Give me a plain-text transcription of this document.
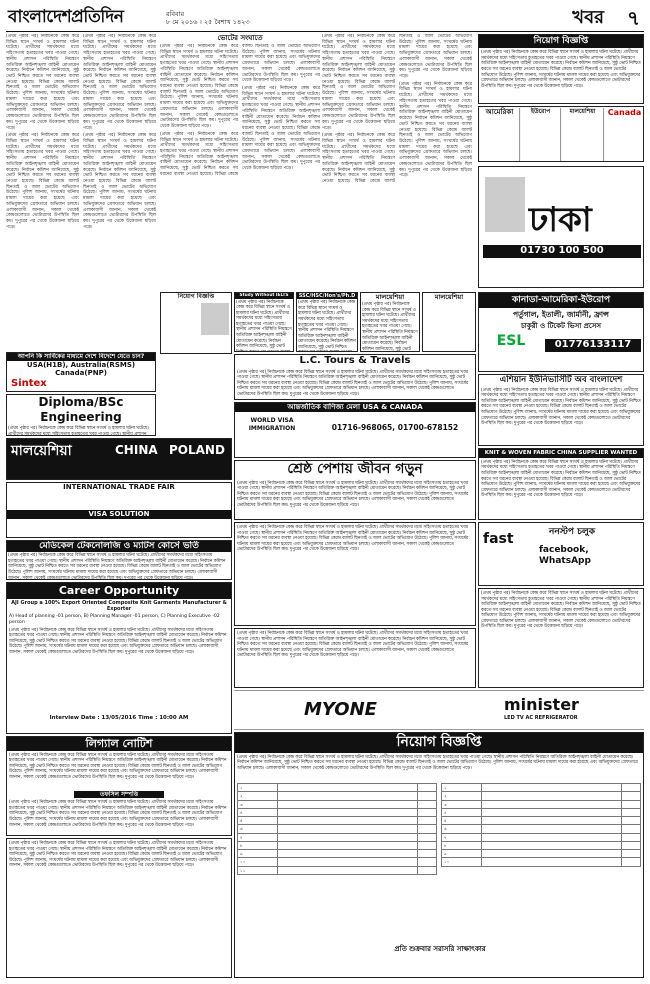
বাংলাদেশপ্রতিদিন	রবিবার
৮ মে ২০১৬ । ২৫ বৈশাখ ১৪২৩	খবর ৭

(প্রথম পৃষ্ঠার পর) নির্বাচনকে কেন্দ্র করে বিভিন্ন স্থানে সংঘর্ষ ও হামলার ঘটনা ঘটেছে। প্রার্থীদের সমর্থকদের মধ্যে সহিংসতায় হতাহতের খবর পাওয়া গেছে। স্থানীয় প্রশাসন পরিস্থিতি নিয়ন্ত্রণে অতিরিক্ত আইনশৃঙ্খলা বাহিনী মোতায়েন করেছে। নির্বাচন কমিশন জানিয়েছে, সুষ্ঠু ভোট নিশ্চিত করতে সব ধরনের ব্যবস্থা নেওয়া হয়েছে। বিভিন্ন কেন্দ্রে ব্যালট ছিনতাই ও জাল ভোটের অভিযোগ উঠেছে। পুলিশ জানায়, সংঘর্ষের ঘটনায় মামলা দায়ের করা হয়েছে এবং অভিযুক্তদের গ্রেফতারে অভিযান চলছে। এলাকাবাসী জানান, সকাল থেকেই কেন্দ্রগুলোতে ভোটারদের উপস্থিতি ছিল কম। দুপুরের পর থেকে উত্তেজনা ছড়িয়ে পড়ে।

(প্রথম পৃষ্ঠার পর) নির্বাচনকে কেন্দ্র করে বিভিন্ন স্থানে সংঘর্ষ ও হামলার ঘটনা ঘটেছে। প্রার্থীদের সমর্থকদের মধ্যে সহিংসতায় হতাহতের খবর পাওয়া গেছে। স্থানীয় প্রশাসন পরিস্থিতি নিয়ন্ত্রণে অতিরিক্ত আইনশৃঙ্খলা বাহিনী মোতায়েন করেছে। নির্বাচন কমিশন জানিয়েছে, সুষ্ঠু ভোট নিশ্চিত করতে সব ধরনের ব্যবস্থা নেওয়া হয়েছে। বিভিন্ন কেন্দ্রে ব্যালট ছিনতাই ও জাল ভোটের অভিযোগ উঠেছে। পুলিশ জানায়, সংঘর্ষের ঘটনায় মামলা দায়ের করা হয়েছে এবং অভিযুক্তদের গ্রেফতারে অভিযান চলছে। এলাকাবাসী জানান, সকাল থেকেই কেন্দ্রগুলোতে ভোটারদের উপস্থিতি ছিল কম। দুপুরের পর থেকে উত্তেজনা ছড়িয়ে পড়ে।

(প্রথম পৃষ্ঠার পর) নির্বাচনকে কেন্দ্র করে বিভিন্ন স্থানে সংঘর্ষ ও হামলার ঘটনা ঘটেছে। প্রার্থীদের সমর্থকদের মধ্যে সহিংসতায় হতাহতের খবর পাওয়া গেছে। স্থানীয় প্রশাসন পরিস্থিতি নিয়ন্ত্রণে অতিরিক্ত আইনশৃঙ্খলা বাহিনী মোতায়েন করেছে। নির্বাচন কমিশন জানিয়েছে, সুষ্ঠু ভোট নিশ্চিত করতে সব ধরনের ব্যবস্থা নেওয়া হয়েছে। বিভিন্ন কেন্দ্রে ব্যালট ছিনতাই ও জাল ভোটের অভিযোগ উঠেছে। পুলিশ জানায়, সংঘর্ষের ঘটনায় মামলা দায়ের করা হয়েছে এবং অভিযুক্তদের গ্রেফতারে অভিযান চলছে। এলাকাবাসী জানান, সকাল থেকেই কেন্দ্রগুলোতে ভোটারদের উপস্থিতি ছিল কম। দুপুরের পর থেকে উত্তেজনা ছড়িয়ে পড়ে।

(প্রথম পৃষ্ঠার পর) নির্বাচনকে কেন্দ্র করে বিভিন্ন স্থানে সংঘর্ষ ও হামলার ঘটনা ঘটেছে। প্রার্থীদের সমর্থকদের মধ্যে সহিংসতায় হতাহতের খবর পাওয়া গেছে। স্থানীয় প্রশাসন পরিস্থিতি নিয়ন্ত্রণে অতিরিক্ত আইনশৃঙ্খলা বাহিনী মোতায়েন করেছে। নির্বাচন কমিশন জানিয়েছে, সুষ্ঠু ভোট নিশ্চিত করতে সব ধরনের ব্যবস্থা নেওয়া হয়েছে। বিভিন্ন কেন্দ্রে ব্যালট ছিনতাই ও জাল ভোটের অভিযোগ উঠেছে। পুলিশ জানায়, সংঘর্ষের ঘটনায় মামলা দায়ের করা হয়েছে এবং অভিযুক্তদের গ্রেফতারে অভিযান চলছে। এলাকাবাসী জানান, সকাল থেকেই কেন্দ্রগুলোতে ভোটারদের উপস্থিতি ছিল কম। দুপুরের পর থেকে উত্তেজনা ছড়িয়ে পড়ে।

ভোটের সংঘাতে

(প্রথম পৃষ্ঠার পর) নির্বাচনকে কেন্দ্র করে বিভিন্ন স্থানে সংঘর্ষ ও হামলার ঘটনা ঘটেছে। প্রার্থীদের সমর্থকদের মধ্যে সহিংসতায় হতাহতের খবর পাওয়া গেছে। স্থানীয় প্রশাসন পরিস্থিতি নিয়ন্ত্রণে অতিরিক্ত আইনশৃঙ্খলা বাহিনী মোতায়েন করেছে। নির্বাচন কমিশন জানিয়েছে, সুষ্ঠু ভোট নিশ্চিত করতে সব ধরনের ব্যবস্থা নেওয়া হয়েছে। বিভিন্ন কেন্দ্রে ব্যালট ছিনতাই ও জাল ভোটের অভিযোগ উঠেছে। পুলিশ জানায়, সংঘর্ষের ঘটনায় মামলা দায়ের করা হয়েছে এবং অভিযুক্তদের গ্রেফতারে অভিযান চলছে। এলাকাবাসী জানান, সকাল থেকেই কেন্দ্রগুলোতে ভোটারদের উপস্থিতি ছিল কম। দুপুরের পর থেকে উত্তেজনা ছড়িয়ে পড়ে।

(প্রথম পৃষ্ঠার পর) নির্বাচনকে কেন্দ্র করে বিভিন্ন স্থানে সংঘর্ষ ও হামলার ঘটনা ঘটেছে। প্রার্থীদের সমর্থকদের মধ্যে সহিংসতায় হতাহতের খবর পাওয়া গেছে। স্থানীয় প্রশাসন পরিস্থিতি নিয়ন্ত্রণে অতিরিক্ত আইনশৃঙ্খলা বাহিনী মোতায়েন করেছে। নির্বাচন কমিশন জানিয়েছে, সুষ্ঠু ভোট নিশ্চিত করতে সব ধরনের ব্যবস্থা নেওয়া হয়েছে। বিভিন্ন কেন্দ্রে ব্যালট ছিনতাই ও জাল ভোটের অভিযোগ উঠেছে। পুলিশ জানায়, সংঘর্ষের ঘটনায় মামলা দায়ের করা হয়েছে এবং অভিযুক্তদের গ্রেফতারে অভিযান চলছে। এলাকাবাসী জানান, সকাল থেকেই কেন্দ্রগুলোতে ভোটারদের উপস্থিতি ছিল কম। দুপুরের পর থেকে উত্তেজনা ছড়িয়ে পড়ে।

(প্রথম পৃষ্ঠার পর) নির্বাচনকে কেন্দ্র করে বিভিন্ন স্থানে সংঘর্ষ ও হামলার ঘটনা ঘটেছে। প্রার্থীদের সমর্থকদের মধ্যে সহিংসতায় হতাহতের খবর পাওয়া গেছে। স্থানীয় প্রশাসন পরিস্থিতি নিয়ন্ত্রণে অতিরিক্ত আইনশৃঙ্খলা বাহিনী মোতায়েন করেছে। নির্বাচন কমিশন জানিয়েছে, সুষ্ঠু ভোট নিশ্চিত করতে সব ধরনের ব্যবস্থা নেওয়া হয়েছে। বিভিন্ন কেন্দ্রে ব্যালট ছিনতাই ও জাল ভোটের অভিযোগ উঠেছে। পুলিশ জানায়, সংঘর্ষের ঘটনায় মামলা দায়ের করা হয়েছে এবং অভিযুক্তদের গ্রেফতারে অভিযান চলছে। এলাকাবাসী জানান, সকাল থেকেই কেন্দ্রগুলোতে ভোটারদের উপস্থিতি ছিল কম। দুপুরের পর থেকে উত্তেজনা ছড়িয়ে পড়ে।

(প্রথম পৃষ্ঠার পর) নির্বাচনকে কেন্দ্র করে বিভিন্ন স্থানে সংঘর্ষ ও হামলার ঘটনা ঘটেছে। প্রার্থীদের সমর্থকদের মধ্যে সহিংসতায় হতাহতের খবর পাওয়া গেছে। স্থানীয় প্রশাসন পরিস্থিতি নিয়ন্ত্রণে অতিরিক্ত আইনশৃঙ্খলা বাহিনী মোতায়েন করেছে। নির্বাচন কমিশন জানিয়েছে, সুষ্ঠু ভোট নিশ্চিত করতে সব ধরনের ব্যবস্থা নেওয়া হয়েছে। বিভিন্ন কেন্দ্রে ব্যালট ছিনতাই ও জাল ভোটের অভিযোগ উঠেছে। পুলিশ জানায়, সংঘর্ষের ঘটনায় মামলা দায়ের করা হয়েছে এবং অভিযুক্তদের গ্রেফতারে অভিযান চলছে। এলাকাবাসী জানান, সকাল থেকেই কেন্দ্রগুলোতে ভোটারদের উপস্থিতি ছিল কম। দুপুরের পর থেকে উত্তেজনা ছড়িয়ে পড়ে।

(প্রথম পৃষ্ঠার পর) নির্বাচনকে কেন্দ্র করে বিভিন্ন স্থানে সংঘর্ষ ও হামলার ঘটনা ঘটেছে। প্রার্থীদের সমর্থকদের মধ্যে সহিংসতায় হতাহতের খবর পাওয়া গেছে। স্থানীয় প্রশাসন পরিস্থিতি নিয়ন্ত্রণে অতিরিক্ত আইনশৃঙ্খলা বাহিনী মোতায়েন করেছে। নির্বাচন কমিশন জানিয়েছে, সুষ্ঠু ভোট নিশ্চিত করতে সব ধরনের ব্যবস্থা নেওয়া হয়েছে। বিভিন্ন কেন্দ্রে ব্যালট ছিনতাই ও জাল ভোটের অভিযোগ উঠেছে। পুলিশ জানায়, সংঘর্ষের ঘটনায় মামলা দায়ের করা হয়েছে এবং অভিযুক্তদের গ্রেফতারে অভিযান চলছে। এলাকাবাসী জানান, সকাল থেকেই কেন্দ্রগুলোতে ভোটারদের উপস্থিতি ছিল কম। দুপুরের পর থেকে উত্তেজনা ছড়িয়ে পড়ে।

(প্রথম পৃষ্ঠার পর) নির্বাচনকে কেন্দ্র করে বিভিন্ন স্থানে সংঘর্ষ ও হামলার ঘটনা ঘটেছে। প্রার্থীদের সমর্থকদের মধ্যে সহিংসতায় হতাহতের খবর পাওয়া গেছে। স্থানীয় প্রশাসন পরিস্থিতি নিয়ন্ত্রণে অতিরিক্ত আইনশৃঙ্খলা বাহিনী মোতায়েন করেছে। নির্বাচন কমিশন জানিয়েছে, সুষ্ঠু ভোট নিশ্চিত করতে সব ধরনের ব্যবস্থা নেওয়া হয়েছে। বিভিন্ন কেন্দ্রে ব্যালট ছিনতাই ও জাল ভোটের অভিযোগ উঠেছে। পুলিশ জানায়, সংঘর্ষের ঘটনায় মামলা দায়ের করা হয়েছে এবং অভিযুক্তদের গ্রেফতারে অভিযান চলছে। এলাকাবাসী জানান, সকাল থেকেই কেন্দ্রগুলোতে ভোটারদের উপস্থিতি ছিল কম। দুপুরের পর থেকে উত্তেজনা ছড়িয়ে পড়ে।

নিয়োগ বিজ্ঞপ্তি
(প্রথম পৃষ্ঠার পর) নির্বাচনকে কেন্দ্র করে বিভিন্ন স্থানে সংঘর্ষ ও হামলার ঘটনা ঘটেছে। প্রার্থীদের সমর্থকদের মধ্যে সহিংসতায় হতাহতের খবর পাওয়া গেছে। স্থানীয় প্রশাসন পরিস্থিতি নিয়ন্ত্রণে অতিরিক্ত আইনশৃঙ্খলা বাহিনী মোতায়েন করেছে। নির্বাচন কমিশন জানিয়েছে, সুষ্ঠু ভোট নিশ্চিত করতে সব ধরনের ব্যবস্থা নেওয়া হয়েছে। বিভিন্ন কেন্দ্রে ব্যালট ছিনতাই ও জাল ভোটের অভিযোগ উঠেছে। পুলিশ জানায়, সংঘর্ষের ঘটনায় মামলা দায়ের করা হয়েছে এবং অভিযুক্তদের গ্রেফতারে অভিযান চলছে। এলাকাবাসী জানান, সকাল থেকেই কেন্দ্রগুলোতে ভোটারদের উপস্থিতি ছিল কম। দুপুরের পর থেকে উত্তেজনা ছড়িয়ে পড়ে।
আমেরিকা	ইউরোপ	মালয়েশিয়া	Canada
ঢাকা
01730 100 500
কানাডা-আমেরিকা-ইউরোপ
পর্তুগাল, ইতালী, জার্মানী, ফ্রান্স
চাকুরী ও টিকেট ভিসা প্রসেস
ESL	01776133117
Study Without IELTS
(প্রথম পৃষ্ঠার পর) নির্বাচনকে কেন্দ্র করে বিভিন্ন স্থানে সংঘর্ষ ও হামলার ঘটনা ঘটেছে। প্রার্থীদের সমর্থকদের মধ্যে সহিংসতায় হতাহতের খবর পাওয়া গেছে। স্থানীয় প্রশাসন পরিস্থিতি নিয়ন্ত্রণে অতিরিক্ত আইনশৃঙ্খলা বাহিনী মোতায়েন করেছে। নির্বাচন কমিশন জানিয়েছে, সুষ্ঠু ভোট
SSC/HSC/Hon's/Ph.D
(প্রথম পৃষ্ঠার পর) নির্বাচনকে কেন্দ্র করে বিভিন্ন স্থানে সংঘর্ষ ও হামলার ঘটনা ঘটেছে। প্রার্থীদের সমর্থকদের মধ্যে সহিংসতায় হতাহতের খবর পাওয়া গেছে। স্থানীয় প্রশাসন পরিস্থিতি নিয়ন্ত্রণে অতিরিক্ত আইনশৃঙ্খলা বাহিনী মোতায়েন করেছে। নির্বাচন কমিশন জানিয়েছে, সুষ্ঠু ভোট নিশ্চিত
মালয়েশিয়া
(প্রথম পৃষ্ঠার পর) নির্বাচনকে কেন্দ্র করে বিভিন্ন স্থানে সংঘর্ষ ও হামলার ঘটনা ঘটেছে। প্রার্থীদের সমর্থকদের মধ্যে সহিংসতায় হতাহতের খবর পাওয়া গেছে। স্থানীয় প্রশাসন পরিস্থিতি নিয়ন্ত্রণে অতিরিক্ত আইনশৃঙ্খলা বাহিনী মোতায়েন করেছে। নির্বাচন কমিশন জানিয়েছে, সুষ্ঠু ভোট
মালয়েশিয়া
নিয়োগ বিজ্ঞপ্তি
L.C. Tours & Travels
(প্রথম পৃষ্ঠার পর) নির্বাচনকে কেন্দ্র করে বিভিন্ন স্থানে সংঘর্ষ ও হামলার ঘটনা ঘটেছে। প্রার্থীদের সমর্থকদের মধ্যে সহিংসতায় হতাহতের খবর পাওয়া গেছে। স্থানীয় প্রশাসন পরিস্থিতি নিয়ন্ত্রণে অতিরিক্ত আইনশৃঙ্খলা বাহিনী মোতায়েন করেছে। নির্বাচন কমিশন জানিয়েছে, সুষ্ঠু ভোট নিশ্চিত করতে সব ধরনের ব্যবস্থা নেওয়া হয়েছে। বিভিন্ন কেন্দ্রে ব্যালট ছিনতাই ও জাল ভোটের অভিযোগ উঠেছে। পুলিশ জানায়, সংঘর্ষের ঘটনায় মামলা দায়ের করা হয়েছে এবং অভিযুক্তদের গ্রেফতারে অভিযান চলছে। এলাকাবাসী জানান, সকাল থেকেই কেন্দ্রগুলোতে ভোটারদের উপস্থিতি ছিল কম। দুপুরের পর থেকে উত্তেজনা ছড়িয়ে পড়ে।
আন্তর্জাতিক বাণিজ্য মেলা USA & CANADA
WORLD VISA IMMIGRATION	01716-968065, 01700-678152
শ্রেষ্ঠ পেশায় জীবন গড়ুন
(প্রথম পৃষ্ঠার পর) নির্বাচনকে কেন্দ্র করে বিভিন্ন স্থানে সংঘর্ষ ও হামলার ঘটনা ঘটেছে। প্রার্থীদের সমর্থকদের মধ্যে সহিংসতায় হতাহতের খবর পাওয়া গেছে। স্থানীয় প্রশাসন পরিস্থিতি নিয়ন্ত্রণে অতিরিক্ত আইনশৃঙ্খলা বাহিনী মোতায়েন করেছে। নির্বাচন কমিশন জানিয়েছে, সুষ্ঠু ভোট নিশ্চিত করতে সব ধরনের ব্যবস্থা নেওয়া হয়েছে। বিভিন্ন কেন্দ্রে ব্যালট ছিনতাই ও জাল ভোটের অভিযোগ উঠেছে। পুলিশ জানায়, সংঘর্ষের ঘটনায় মামলা দায়ের করা হয়েছে এবং অভিযুক্তদের গ্রেফতারে অভিযান চলছে। এলাকাবাসী জানান, সকাল থেকেই কেন্দ্রগুলোতে ভোটারদের উপস্থিতি ছিল কম। দুপুরের পর থেকে উত্তেজনা ছড়িয়ে পড়ে।
এশিয়ান ইউনিভার্সিটি অব বাংলাদেশ
(প্রথম পৃষ্ঠার পর) নির্বাচনকে কেন্দ্র করে বিভিন্ন স্থানে সংঘর্ষ ও হামলার ঘটনা ঘটেছে। প্রার্থীদের সমর্থকদের মধ্যে সহিংসতায় হতাহতের খবর পাওয়া গেছে। স্থানীয় প্রশাসন পরিস্থিতি নিয়ন্ত্রণে অতিরিক্ত আইনশৃঙ্খলা বাহিনী মোতায়েন করেছে। নির্বাচন কমিশন জানিয়েছে, সুষ্ঠু ভোট নিশ্চিত করতে সব ধরনের ব্যবস্থা নেওয়া হয়েছে। বিভিন্ন কেন্দ্রে ব্যালট ছিনতাই ও জাল ভোটের অভিযোগ উঠেছে। পুলিশ জানায়, সংঘর্ষের ঘটনায় মামলা দায়ের করা হয়েছে এবং অভিযুক্তদের গ্রেফতারে অভিযান চলছে। এলাকাবাসী জানান, সকাল থেকেই কেন্দ্রগুলোতে ভোটারদের উপস্থিতি ছিল কম। দুপুরের পর থেকে উত্তেজনা ছড়িয়ে পড়ে।
KNIT & WOVEN FABRIC CHINA SUPPLIER WANTED
(প্রথম পৃষ্ঠার পর) নির্বাচনকে কেন্দ্র করে বিভিন্ন স্থানে সংঘর্ষ ও হামলার ঘটনা ঘটেছে। প্রার্থীদের সমর্থকদের মধ্যে সহিংসতায় হতাহতের খবর পাওয়া গেছে। স্থানীয় প্রশাসন পরিস্থিতি নিয়ন্ত্রণে অতিরিক্ত আইনশৃঙ্খলা বাহিনী মোতায়েন করেছে। নির্বাচন কমিশন জানিয়েছে, সুষ্ঠু ভোট নিশ্চিত করতে সব ধরনের ব্যবস্থা নেওয়া হয়েছে। বিভিন্ন কেন্দ্রে ব্যালট ছিনতাই ও জাল ভোটের অভিযোগ উঠেছে। পুলিশ জানায়, সংঘর্ষের ঘটনায় মামলা দায়ের করা হয়েছে এবং অভিযুক্তদের গ্রেফতারে অভিযান চলছে। এলাকাবাসী জানান, সকাল থেকেই কেন্দ্রগুলোতে ভোটারদের উপস্থিতি ছিল কম। দুপুরের পর থেকে উত্তেজনা ছড়িয়ে পড়ে।
আপনি কি সার্বিকের মাধ্যমে দেশে বিদেশে যেতে চান?
USA(H1B), Australia(RSMS) Canada(PNP)
Sintex
Diploma/BSc Engineering
(প্রথম পৃষ্ঠার পর) নির্বাচনকে কেন্দ্র করে বিভিন্ন স্থানে সংঘর্ষ ও হামলার ঘটনা ঘটেছে। প্রার্থীদের সমর্থকদের মধ্যে সহিংসতায় হতাহতের খবর পাওয়া গেছে। স্থানীয় প্রশাসন
মালয়েশিয়া	CHINA POLAND
INTERNATIONAL TRADE FAIR
VISA SOLUTION
মেডিকেল টেকনোলজি ও ম্যাটস কোর্সে ভর্তি
(প্রথম পৃষ্ঠার পর) নির্বাচনকে কেন্দ্র করে বিভিন্ন স্থানে সংঘর্ষ ও হামলার ঘটনা ঘটেছে। প্রার্থীদের সমর্থকদের মধ্যে সহিংসতায় হতাহতের খবর পাওয়া গেছে। স্থানীয় প্রশাসন পরিস্থিতি নিয়ন্ত্রণে অতিরিক্ত আইনশৃঙ্খলা বাহিনী মোতায়েন করেছে। নির্বাচন কমিশন জানিয়েছে, সুষ্ঠু ভোট নিশ্চিত করতে সব ধরনের ব্যবস্থা নেওয়া হয়েছে। বিভিন্ন কেন্দ্রে ব্যালট ছিনতাই ও জাল ভোটের অভিযোগ উঠেছে। পুলিশ জানায়, সংঘর্ষের ঘটনায় মামলা দায়ের করা হয়েছে এবং অভিযুক্তদের গ্রেফতারে অভিযান চলছে। এলাকাবাসী জানান, সকাল থেকেই কেন্দ্রগুলোতে ভোটারদের উপস্থিতি ছিল কম। দুপুরের পর থেকে উত্তেজনা ছড়িয়ে পড়ে।
Career Opportunity
AJI Group a 100% Export Oriented Composite Knit Garments Manufacturer & Exporter
A) Head of planning -01 person, B) Planning Manager -01 person, C) Planning Executive -02 person
(প্রথম পৃষ্ঠার পর) নির্বাচনকে কেন্দ্র করে বিভিন্ন স্থানে সংঘর্ষ ও হামলার ঘটনা ঘটেছে। প্রার্থীদের সমর্থকদের মধ্যে সহিংসতায় হতাহতের খবর পাওয়া গেছে। স্থানীয় প্রশাসন পরিস্থিতি নিয়ন্ত্রণে অতিরিক্ত আইনশৃঙ্খলা বাহিনী মোতায়েন করেছে। নির্বাচন কমিশন জানিয়েছে, সুষ্ঠু ভোট নিশ্চিত করতে সব ধরনের ব্যবস্থা নেওয়া হয়েছে। বিভিন্ন কেন্দ্রে ব্যালট ছিনতাই ও জাল ভোটের অভিযোগ উঠেছে। পুলিশ জানায়, সংঘর্ষের ঘটনায় মামলা দায়ের করা হয়েছে এবং অভিযুক্তদের গ্রেফতারে অভিযান চলছে। এলাকাবাসী জানান, সকাল থেকেই কেন্দ্রগুলোতে ভোটারদের উপস্থিতি ছিল কম। দুপুরের পর থেকে উত্তেজনা ছড়িয়ে পড়ে।
Interview Date : 13/05/2016 Time : 10:00 AM
লিগ্যাল নোটিশ
(প্রথম পৃষ্ঠার পর) নির্বাচনকে কেন্দ্র করে বিভিন্ন স্থানে সংঘর্ষ ও হামলার ঘটনা ঘটেছে। প্রার্থীদের সমর্থকদের মধ্যে সহিংসতায় হতাহতের খবর পাওয়া গেছে। স্থানীয় প্রশাসন পরিস্থিতি নিয়ন্ত্রণে অতিরিক্ত আইনশৃঙ্খলা বাহিনী মোতায়েন করেছে। নির্বাচন কমিশন জানিয়েছে, সুষ্ঠু ভোট নিশ্চিত করতে সব ধরনের ব্যবস্থা নেওয়া হয়েছে। বিভিন্ন কেন্দ্রে ব্যালট ছিনতাই ও জাল ভোটের অভিযোগ উঠেছে। পুলিশ জানায়, সংঘর্ষের ঘটনায় মামলা দায়ের করা হয়েছে এবং অভিযুক্তদের গ্রেফতারে অভিযান চলছে। এলাকাবাসী জানান, সকাল থেকেই কেন্দ্রগুলোতে ভোটারদের উপস্থিতি ছিল কম। দুপুরের পর থেকে উত্তেজনা ছড়িয়ে পড়ে।
তফসিল সম্পত্তি
(প্রথম পৃষ্ঠার পর) নির্বাচনকে কেন্দ্র করে বিভিন্ন স্থানে সংঘর্ষ ও হামলার ঘটনা ঘটেছে। প্রার্থীদের সমর্থকদের মধ্যে সহিংসতায় হতাহতের খবর পাওয়া গেছে। স্থানীয় প্রশাসন পরিস্থিতি নিয়ন্ত্রণে অতিরিক্ত আইনশৃঙ্খলা বাহিনী মোতায়েন করেছে। নির্বাচন কমিশন জানিয়েছে, সুষ্ঠু ভোট নিশ্চিত করতে সব ধরনের ব্যবস্থা নেওয়া হয়েছে। বিভিন্ন কেন্দ্রে ব্যালট ছিনতাই ও জাল ভোটের অভিযোগ উঠেছে। পুলিশ জানায়, সংঘর্ষের ঘটনায় মামলা দায়ের করা হয়েছে এবং অভিযুক্তদের গ্রেফতারে অভিযান চলছে। এলাকাবাসী জানান, সকাল থেকেই কেন্দ্রগুলোতে ভোটারদের উপস্থিতি ছিল কম। দুপুরের পর থেকে উত্তেজনা ছড়িয়ে পড়ে।
(প্রথম পৃষ্ঠার পর) নির্বাচনকে কেন্দ্র করে বিভিন্ন স্থানে সংঘর্ষ ও হামলার ঘটনা ঘটেছে। প্রার্থীদের সমর্থকদের মধ্যে সহিংসতায় হতাহতের খবর পাওয়া গেছে। স্থানীয় প্রশাসন পরিস্থিতি নিয়ন্ত্রণে অতিরিক্ত আইনশৃঙ্খলা বাহিনী মোতায়েন করেছে। নির্বাচন কমিশন জানিয়েছে, সুষ্ঠু ভোট নিশ্চিত করতে সব ধরনের ব্যবস্থা নেওয়া হয়েছে। বিভিন্ন কেন্দ্রে ব্যালট ছিনতাই ও জাল ভোটের অভিযোগ উঠেছে। পুলিশ জানায়, সংঘর্ষের ঘটনায় মামলা দায়ের করা হয়েছে এবং অভিযুক্তদের গ্রেফতারে অভিযান চলছে। এলাকাবাসী জানান, সকাল থেকেই কেন্দ্রগুলোতে ভোটারদের উপস্থিতি ছিল কম। দুপুরের পর থেকে উত্তেজনা ছড়িয়ে পড়ে।
(প্রথম পৃষ্ঠার পর) নির্বাচনকে কেন্দ্র করে বিভিন্ন স্থানে সংঘর্ষ ও হামলার ঘটনা ঘটেছে। প্রার্থীদের সমর্থকদের মধ্যে সহিংসতায় হতাহতের খবর পাওয়া গেছে। স্থানীয় প্রশাসন পরিস্থিতি নিয়ন্ত্রণে অতিরিক্ত আইনশৃঙ্খলা বাহিনী মোতায়েন করেছে। নির্বাচন কমিশন জানিয়েছে, সুষ্ঠু ভোট নিশ্চিত করতে সব ধরনের ব্যবস্থা নেওয়া হয়েছে। বিভিন্ন কেন্দ্রে ব্যালট ছিনতাই ও জাল ভোটের অভিযোগ উঠেছে। পুলিশ জানায়, সংঘর্ষের ঘটনায় মামলা দায়ের করা হয়েছে এবং অভিযুক্তদের গ্রেফতারে অভিযান চলছে। এলাকাবাসী জানান, সকাল থেকেই কেন্দ্রগুলোতে ভোটারদের উপস্থিতি ছিল কম। দুপুরের পর থেকে উত্তেজনা ছড়িয়ে পড়ে।
fast	ননস্টপ চলুক
facebook, WhatsApp
(প্রথম পৃষ্ঠার পর) নির্বাচনকে কেন্দ্র করে বিভিন্ন স্থানে সংঘর্ষ ও হামলার ঘটনা ঘটেছে। প্রার্থীদের সমর্থকদের মধ্যে সহিংসতায় হতাহতের খবর পাওয়া গেছে। স্থানীয় প্রশাসন পরিস্থিতি নিয়ন্ত্রণে অতিরিক্ত আইনশৃঙ্খলা বাহিনী মোতায়েন করেছে। নির্বাচন কমিশন জানিয়েছে, সুষ্ঠু ভোট নিশ্চিত করতে সব ধরনের ব্যবস্থা নেওয়া হয়েছে। বিভিন্ন কেন্দ্রে ব্যালট ছিনতাই ও জাল ভোটের অভিযোগ উঠেছে। পুলিশ জানায়, সংঘর্ষের ঘটনায় মামলা দায়ের করা হয়েছে এবং অভিযুক্তদের গ্রেফতারে অভিযান চলছে। এলাকাবাসী জানান, সকাল থেকেই কেন্দ্রগুলোতে ভোটারদের উপস্থিতি ছিল কম। দুপুরের পর থেকে উত্তেজনা ছড়িয়ে পড়ে।
MYONE	minister
LED TV AC REFRIGERATOR
নিয়োগ বিজ্ঞপ্তি
(প্রথম পৃষ্ঠার পর) নির্বাচনকে কেন্দ্র করে বিভিন্ন স্থানে সংঘর্ষ ও হামলার ঘটনা ঘটেছে। প্রার্থীদের সমর্থকদের মধ্যে সহিংসতায় হতাহতের খবর পাওয়া গেছে। স্থানীয় প্রশাসন পরিস্থিতি নিয়ন্ত্রণে অতিরিক্ত আইনশৃঙ্খলা বাহিনী মোতায়েন করেছে। নির্বাচন কমিশন জানিয়েছে, সুষ্ঠু ভোট নিশ্চিত করতে সব ধরনের ব্যবস্থা নেওয়া হয়েছে। বিভিন্ন কেন্দ্রে ব্যালট ছিনতাই ও জাল ভোটের অভিযোগ উঠেছে। পুলিশ জানায়, সংঘর্ষের ঘটনায় মামলা দায়ের করা হয়েছে এবং অভিযুক্তদের গ্রেফতারে অভিযান চলছে। এলাকাবাসী জানান, সকাল থেকেই কেন্দ্রগুলোতে ভোটারদের উপস্থিতি ছিল কম। দুপুরের পর থেকে উত্তেজনা ছড়িয়ে পড়ে।
১		
২		
৩		
৪		
৫		
৬		
৭		
৮		
৯		
১০		
১১		
১		
২		
৩		
৪		
৫		
৬		
৭		
৮		
৯		
১০		
প্রতি শুক্রবার সরাসরি সাক্ষাৎকার
(প্রথম পৃষ্ঠার পর) নির্বাচনকে কেন্দ্র করে বিভিন্ন স্থানে সংঘর্ষ ও হামলার ঘটনা ঘটেছে। প্রার্থীদের সমর্থকদের মধ্যে সহিংসতায় হতাহতের খবর পাওয়া গেছে। স্থানীয় প্রশাসন পরিস্থিতি নিয়ন্ত্রণে অতিরিক্ত আইনশৃঙ্খলা বাহিনী মোতায়েন করেছে। নির্বাচন কমিশন জানিয়েছে, সুষ্ঠু ভোট নিশ্চিত করতে সব ধরনের ব্যবস্থা নেওয়া হয়েছে। বিভিন্ন কেন্দ্রে ব্যালট ছিনতাই ও জাল ভোটের অভিযোগ উঠেছে। পুলিশ জানায়, সংঘর্ষের ঘটনায় মামলা দায়ের করা হয়েছে এবং অভিযুক্তদের গ্রেফতারে অভিযান চলছে। এলাকাবাসী জানান, সকাল থেকেই কেন্দ্রগুলোতে ভোটারদের উপস্থিতি ছিল কম। দুপুরের পর থেকে উত্তেজনা ছড়িয়ে পড়ে।
